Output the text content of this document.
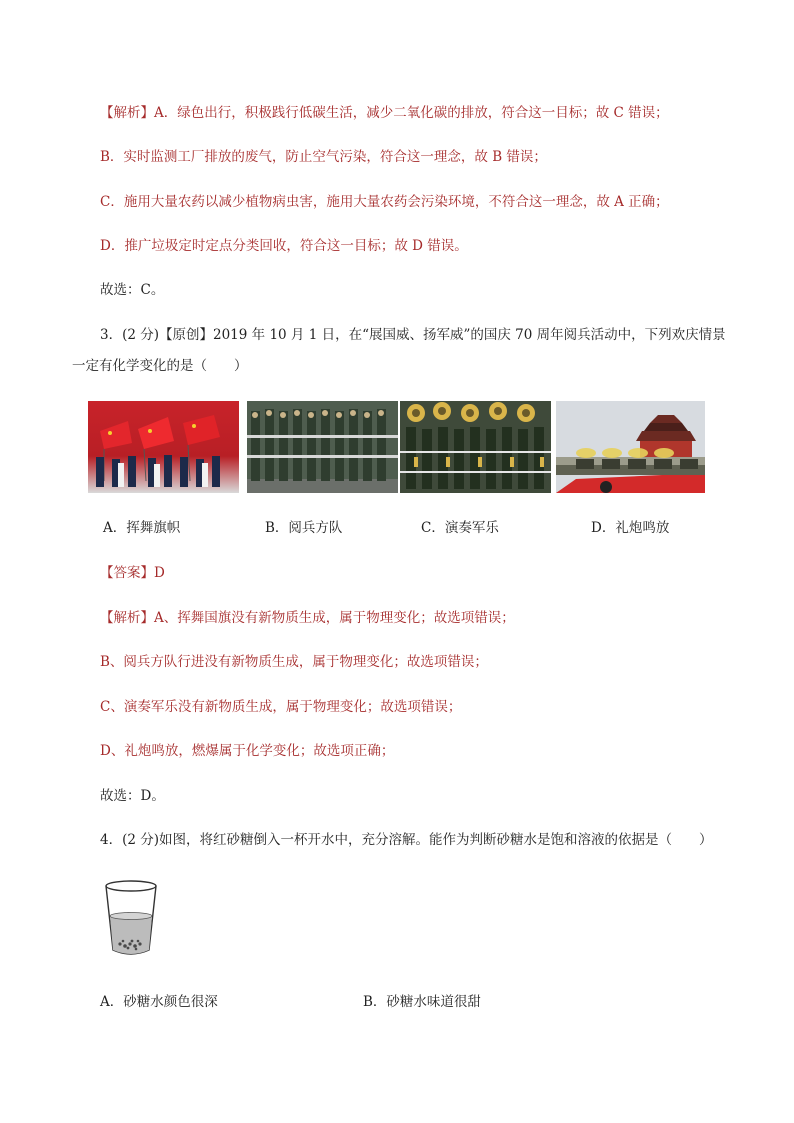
【解析】A．绿色出行，积极践行低碳生活，减少二氧化碳的排放，符合这一目标；故 C 错误；
B．实时监测工厂排放的废气，防止空气污染，符合这一理念，故 B 错误；
C．施用大量农药以减少植物病虫害，施用大量农药会污染环境，不符合这一理念，故 A 正确；
D．推广垃圾定时定点分类回收，符合这一目标；故 D 错误。
故选：C。
3．(2 分)【原创】2019 年 10 月 1 日，在“展国威、扬军威”的国庆 70 周年阅兵活动中，下列欢庆情景
一定有化学变化的是（　　）
A．挥舞旗帜	B．阅兵方队	C．演奏军乐	D．礼炮鸣放
【答案】D
【解析】A、挥舞国旗没有新物质生成，属于物理变化；故选项错误；
B、阅兵方队行进没有新物质生成，属于物理变化；故选项错误；
C、演奏军乐没有新物质生成，属于物理变化；故选项错误；
D、礼炮鸣放，燃爆属于化学变化；故选项正确；
故选：D。
4．(2 分)如图，将红砂糖倒入一杯开水中，充分溶解。能作为判断砂糖水是饱和溶液的依据是（　　）
A．砂糖水颜色很深	B．砂糖水味道很甜
